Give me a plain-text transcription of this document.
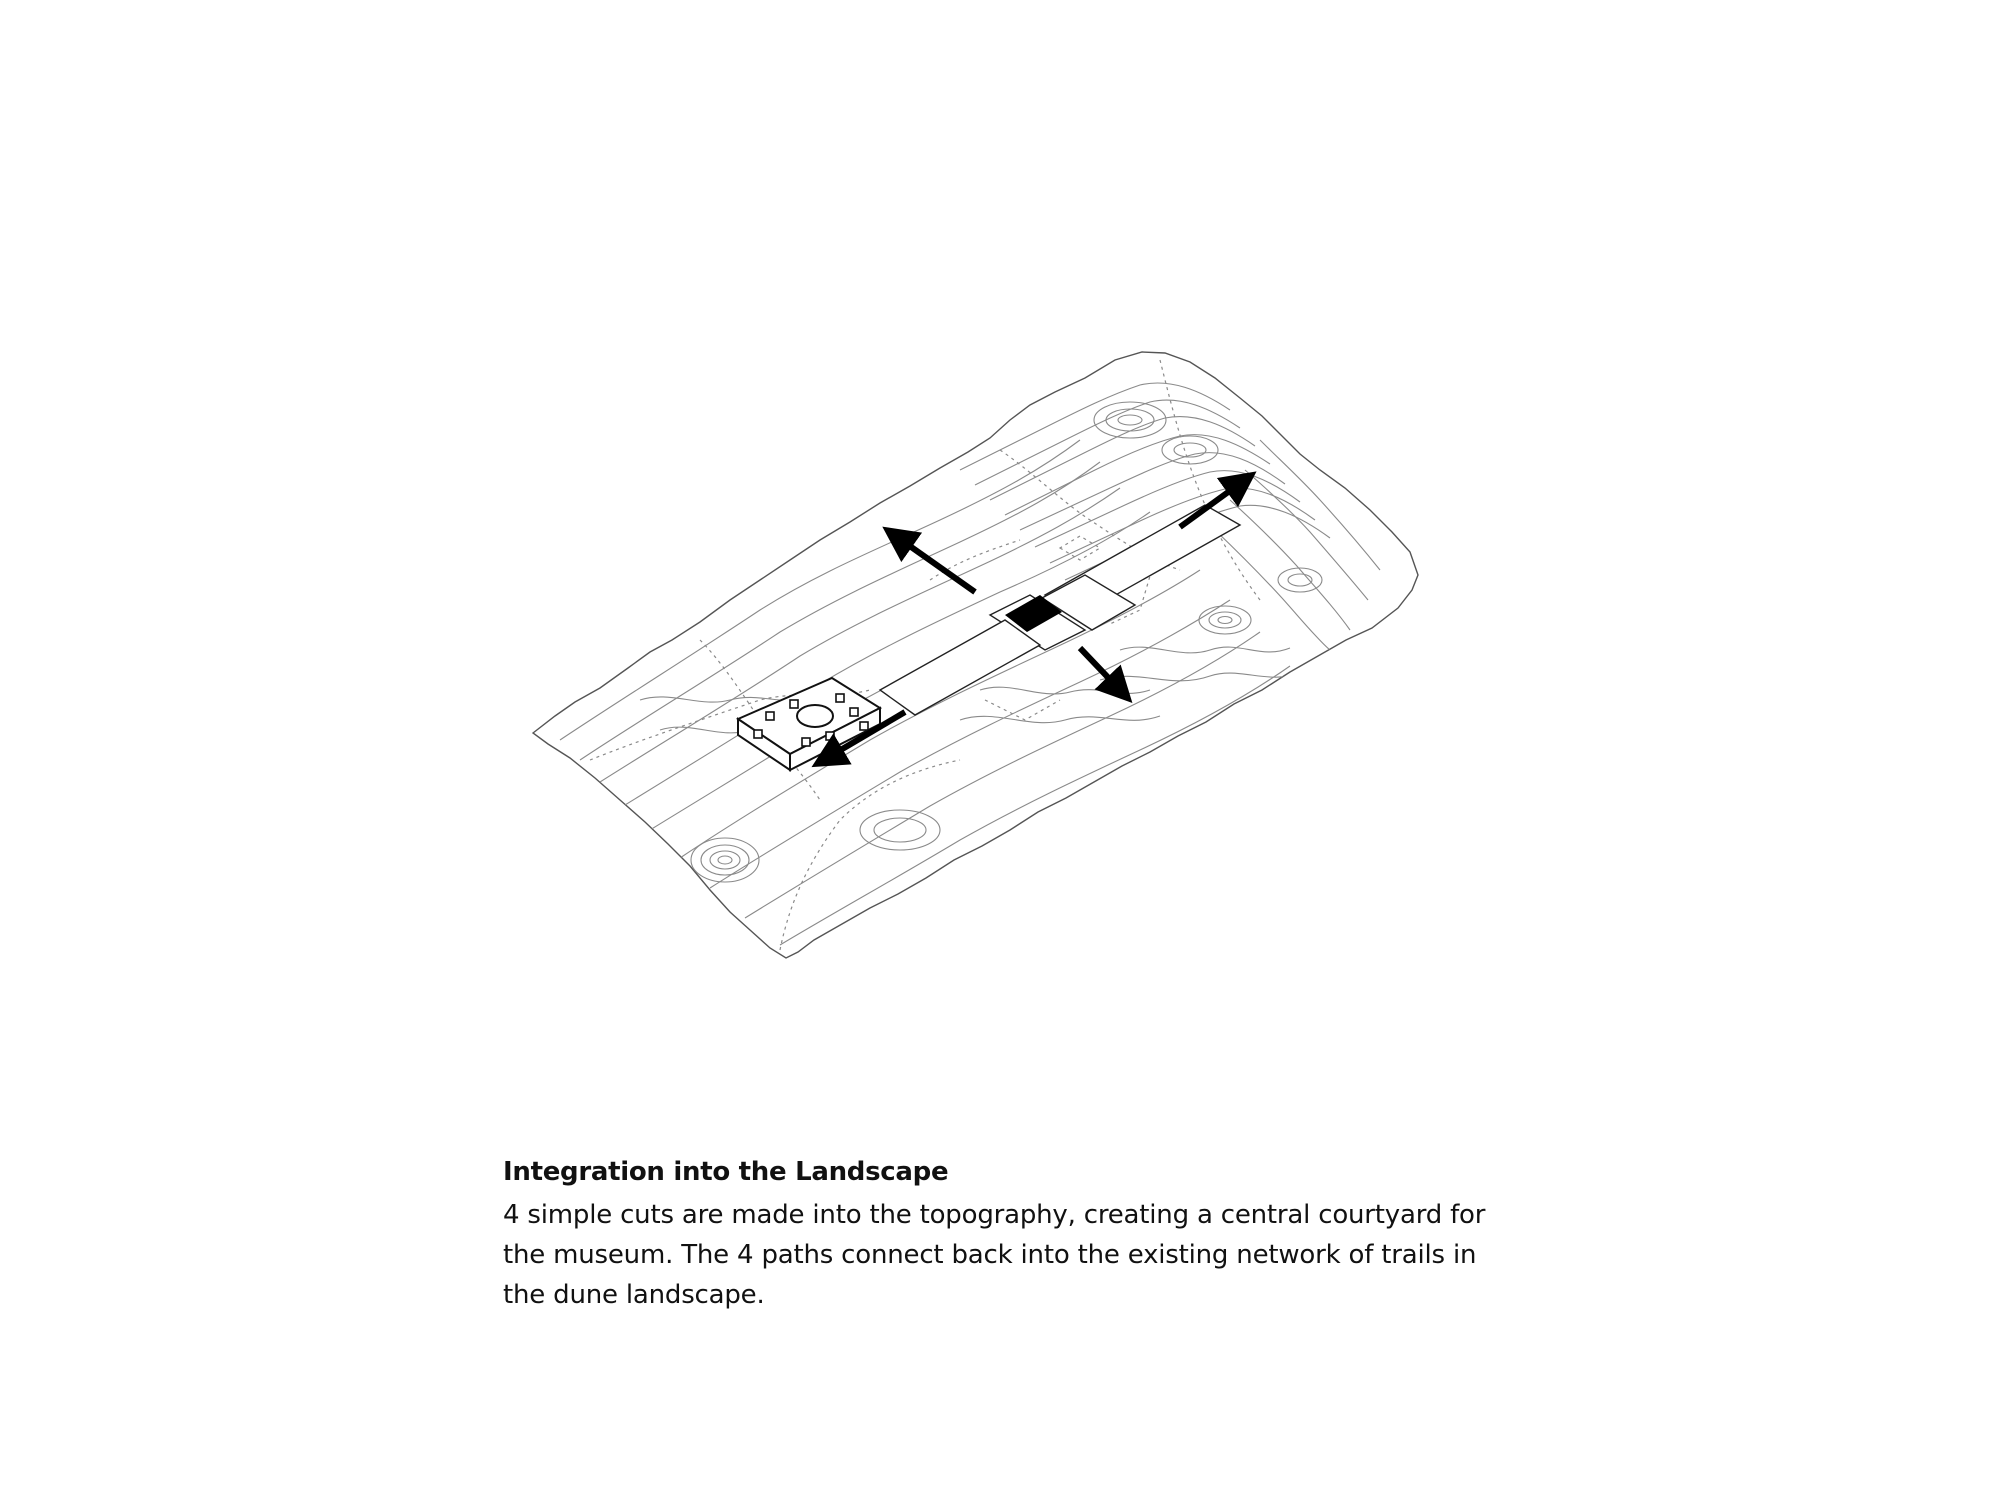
Integration into the Landscape

4 simple cuts are made into the topography, creating a central courtyard for
the museum. The 4 paths connect back into the existing network of trails in
the dune landscape.
